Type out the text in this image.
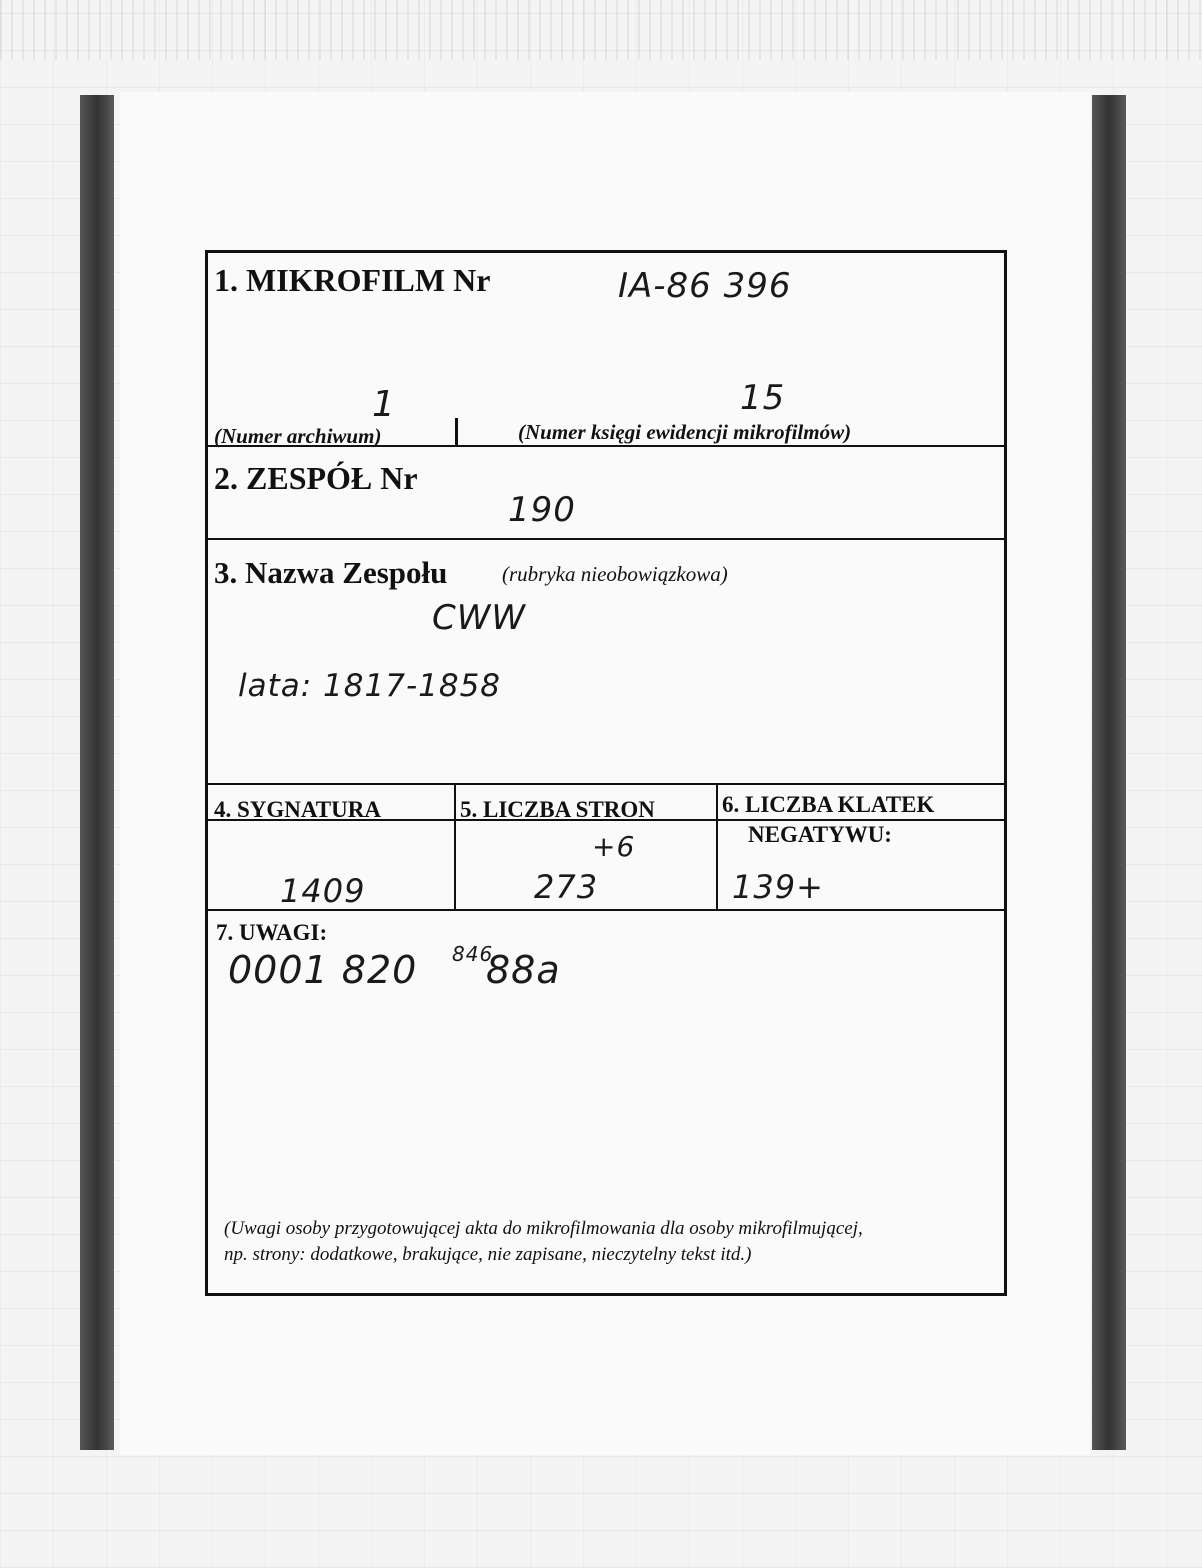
1. MIKROFILM Nr	IA-86 396
1
(Numer archiwum)
15
(Numer księgi ewidencji mikrofilmów)
2. ZESPÓŁ Nr
190
3. Nazwa Zespołu	(rubryka nieobowiązkowa)
CWW
lata: 1817-1858
4. SYGNATURA
1409
5. LICZBA STRON
+6
273
6. LICZBA KLATEK
NEGATYWU:
139+
7. UWAGI:
0001 820 846
88a
(Uwagi osoby przygotowującej akta do mikrofilmowania dla osoby mikrofilmującej,
np. strony: dodatkowe, brakujące, nie zapisane, nieczytelny tekst itd.)
